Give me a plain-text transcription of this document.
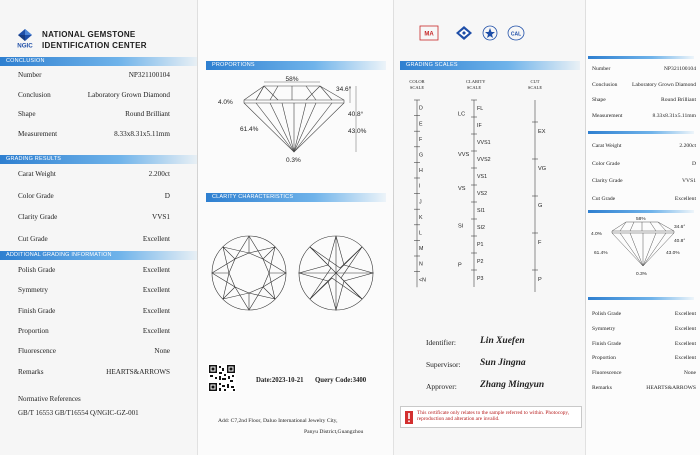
NGIC
NATIONAL GEMSTONE
IDENTIFICATION CENTER
CONCLUSION
Number	NP321100104
Conclusion	Laboratory Grown Diamond
Shape	Round Brilliant
Measurement	8.33x8.31x5.11mm
GRADING RESULTS
Carat Weight	2.200ct
Color Grade	D
Clarity Grade	VVS1
Cut Grade	Excellent
ADDITIONAL GRADING INFORMATION
Polish Grade	Excellent
Symmetry	Excellent
Finish Grade	Excellent
Proportion	Excellent
Fluorescence	None
Remarks	HEARTS&ARROWS
Normative References
GB/T 16553 GB/T16554 Q/NGIC-GZ-001
PROPORTIONS
58%
34.6°
4.0%
40.8°
61.4%	43.0%
0.3%
CLARITY CHARACTERISTICS
Date:2023-10-21 Query Code:3400
Add: C7,2nd Floor, Daluo International Jewelry City,
Panyu District,Guangzhou
MA	CAL
GRADING SCALES
COLOR SCALE
CLARITY SCALE
CUT SCALE
D
E
F
G
H
I
J
K
L
M
N
<N
FL
IF
VVS1
VVS2
VS1
VS2
SI1
SI2
P1
P2
P3
LC
VVS
VS
SI
P
EX
VG
G
F
P
Identifier:	Lin Xuefen
Supervisor: Sun Jingna
Approver: Zhang Mingyun
This certificate only relates to the sample referred to within. Photocopy, reproduction and alteration are invalid.
Number	NP321100104
Conclusion	Laboratory Grown Diamond
Shape	Round Brilliant
Measurement	8.33x8.31x5.11mm
Carat Weight	2.200ct
Color Grade	D
Clarity Grade	VVS1
Cut Grade	Excellent
58%
34.6°
4.0%
40.8°
61.4%	43.0%
0.3%
Polish Grade	Excellent
Symmetry	Excellent
Finish Grade	Excellent
Proportion	Excellent
Fluorescence	None
Remarks	HEARTS&ARROWS
